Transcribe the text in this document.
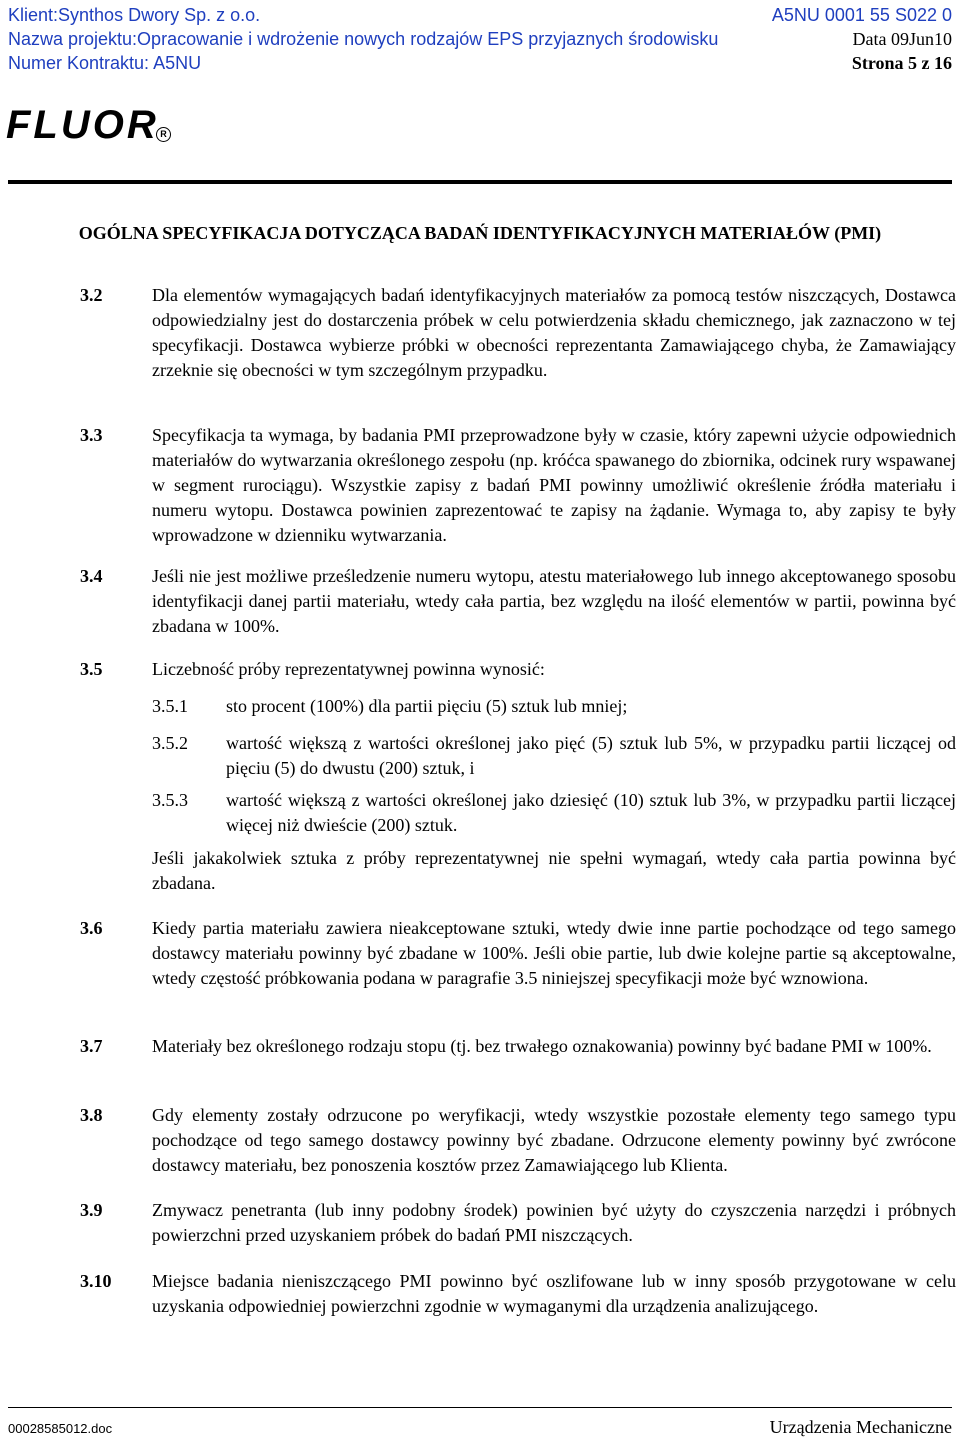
Klient:Synthos Dwory Sp. z o.o.	A5NU 0001 55 S022 0
Nazwa projektu:Opracowanie i wdrożenie nowych rodzajów EPS przyjaznych środowisku	Data 09Jun10
Numer Kontraktu: A5NU	Strona 5 z 16
FLUOR R
OGÓLNA SPECYFIKACJA DOTYCZĄCA BADAŃ IDENTYFIKACYJNYCH MATERIAŁÓW (PMI)
3.2	Dla elementów wymagających badań identyfikacyjnych materiałów za pomocą testów niszczących, Dostawca odpowiedzialny jest do dostarczenia próbek w celu potwierdzenia składu chemicznego, jak zaznaczono w tej specyfikacji. Dostawca wybierze próbki w obecności reprezentanta Zamawiającego chyba, że Zamawiający zrzeknie się obecności w tym szczególnym przypadku.
3.3	Specyfikacja ta wymaga, by badania PMI przeprowadzone były w czasie, który zapewni użycie odpowiednich materiałów do wytwarzania określonego zespołu (np. króćca spawanego do zbiornika, odcinek rury wspawanej w segment rurociągu). Wszystkie zapisy z badań PMI powinny umożliwić określenie źródła materiału i numeru wytopu. Dostawca powinien zaprezentować te zapisy na żądanie. Wymaga to, aby zapisy te były wprowadzone w dzienniku wytwarzania.
3.4	Jeśli nie jest możliwe prześledzenie numeru wytopu, atestu materiałowego lub innego akceptowanego sposobu identyfikacji danej partii materiału, wtedy cała partia, bez względu na ilość elementów w partii, powinna być zbadana w 100%.
3.5	Liczebność próby reprezentatywnej powinna wynosić:
3.5.1 sto procent (100%) dla partii pięciu (5) sztuk lub mniej;
3.5.2 wartość większą z wartości określonej jako pięć (5) sztuk lub 5%, w przypadku partii liczącej od pięciu (5) do dwustu (200) sztuk, i
3.5.3 wartość większą z wartości określonej jako dziesięć (10) sztuk lub 3%, w przypadku partii liczącej więcej niż dwieście (200) sztuk.
Jeśli jakakolwiek sztuka z próby reprezentatywnej nie spełni wymagań, wtedy cała partia powinna być zbadana.
3.6	Kiedy partia materiału zawiera nieakceptowane sztuki, wtedy dwie inne partie pochodzące od tego samego dostawcy materiału powinny być zbadane w 100%. Jeśli obie partie, lub dwie kolejne partie są akceptowalne, wtedy częstość próbkowania podana w paragrafie 3.5 niniejszej specyfikacji może być wznowiona.
3.7	Materiały bez określonego rodzaju stopu (tj. bez trwałego oznakowania) powinny być badane PMI w 100%.
3.8	Gdy elementy zostały odrzucone po weryfikacji, wtedy wszystkie pozostałe elementy tego samego typu pochodzące od tego samego dostawcy powinny być zbadane. Odrzucone elementy powinny być zwrócone dostawcy materiału, bez ponoszenia kosztów przez Zamawiającego lub Klienta.
3.9	Zmywacz penetranta (lub inny podobny środek) powinien być użyty do czyszczenia narzędzi i próbnych powierzchni przed uzyskaniem próbek do badań PMI niszczących.
3.10 Miejsce badania nieniszczącego PMI powinno być oszlifowane lub w inny sposób przygotowane w celu uzyskania odpowiedniej powierzchni zgodnie w wymaganymi dla urządzenia analizującego.
00028585012.doc	Urządzenia Mechaniczne
